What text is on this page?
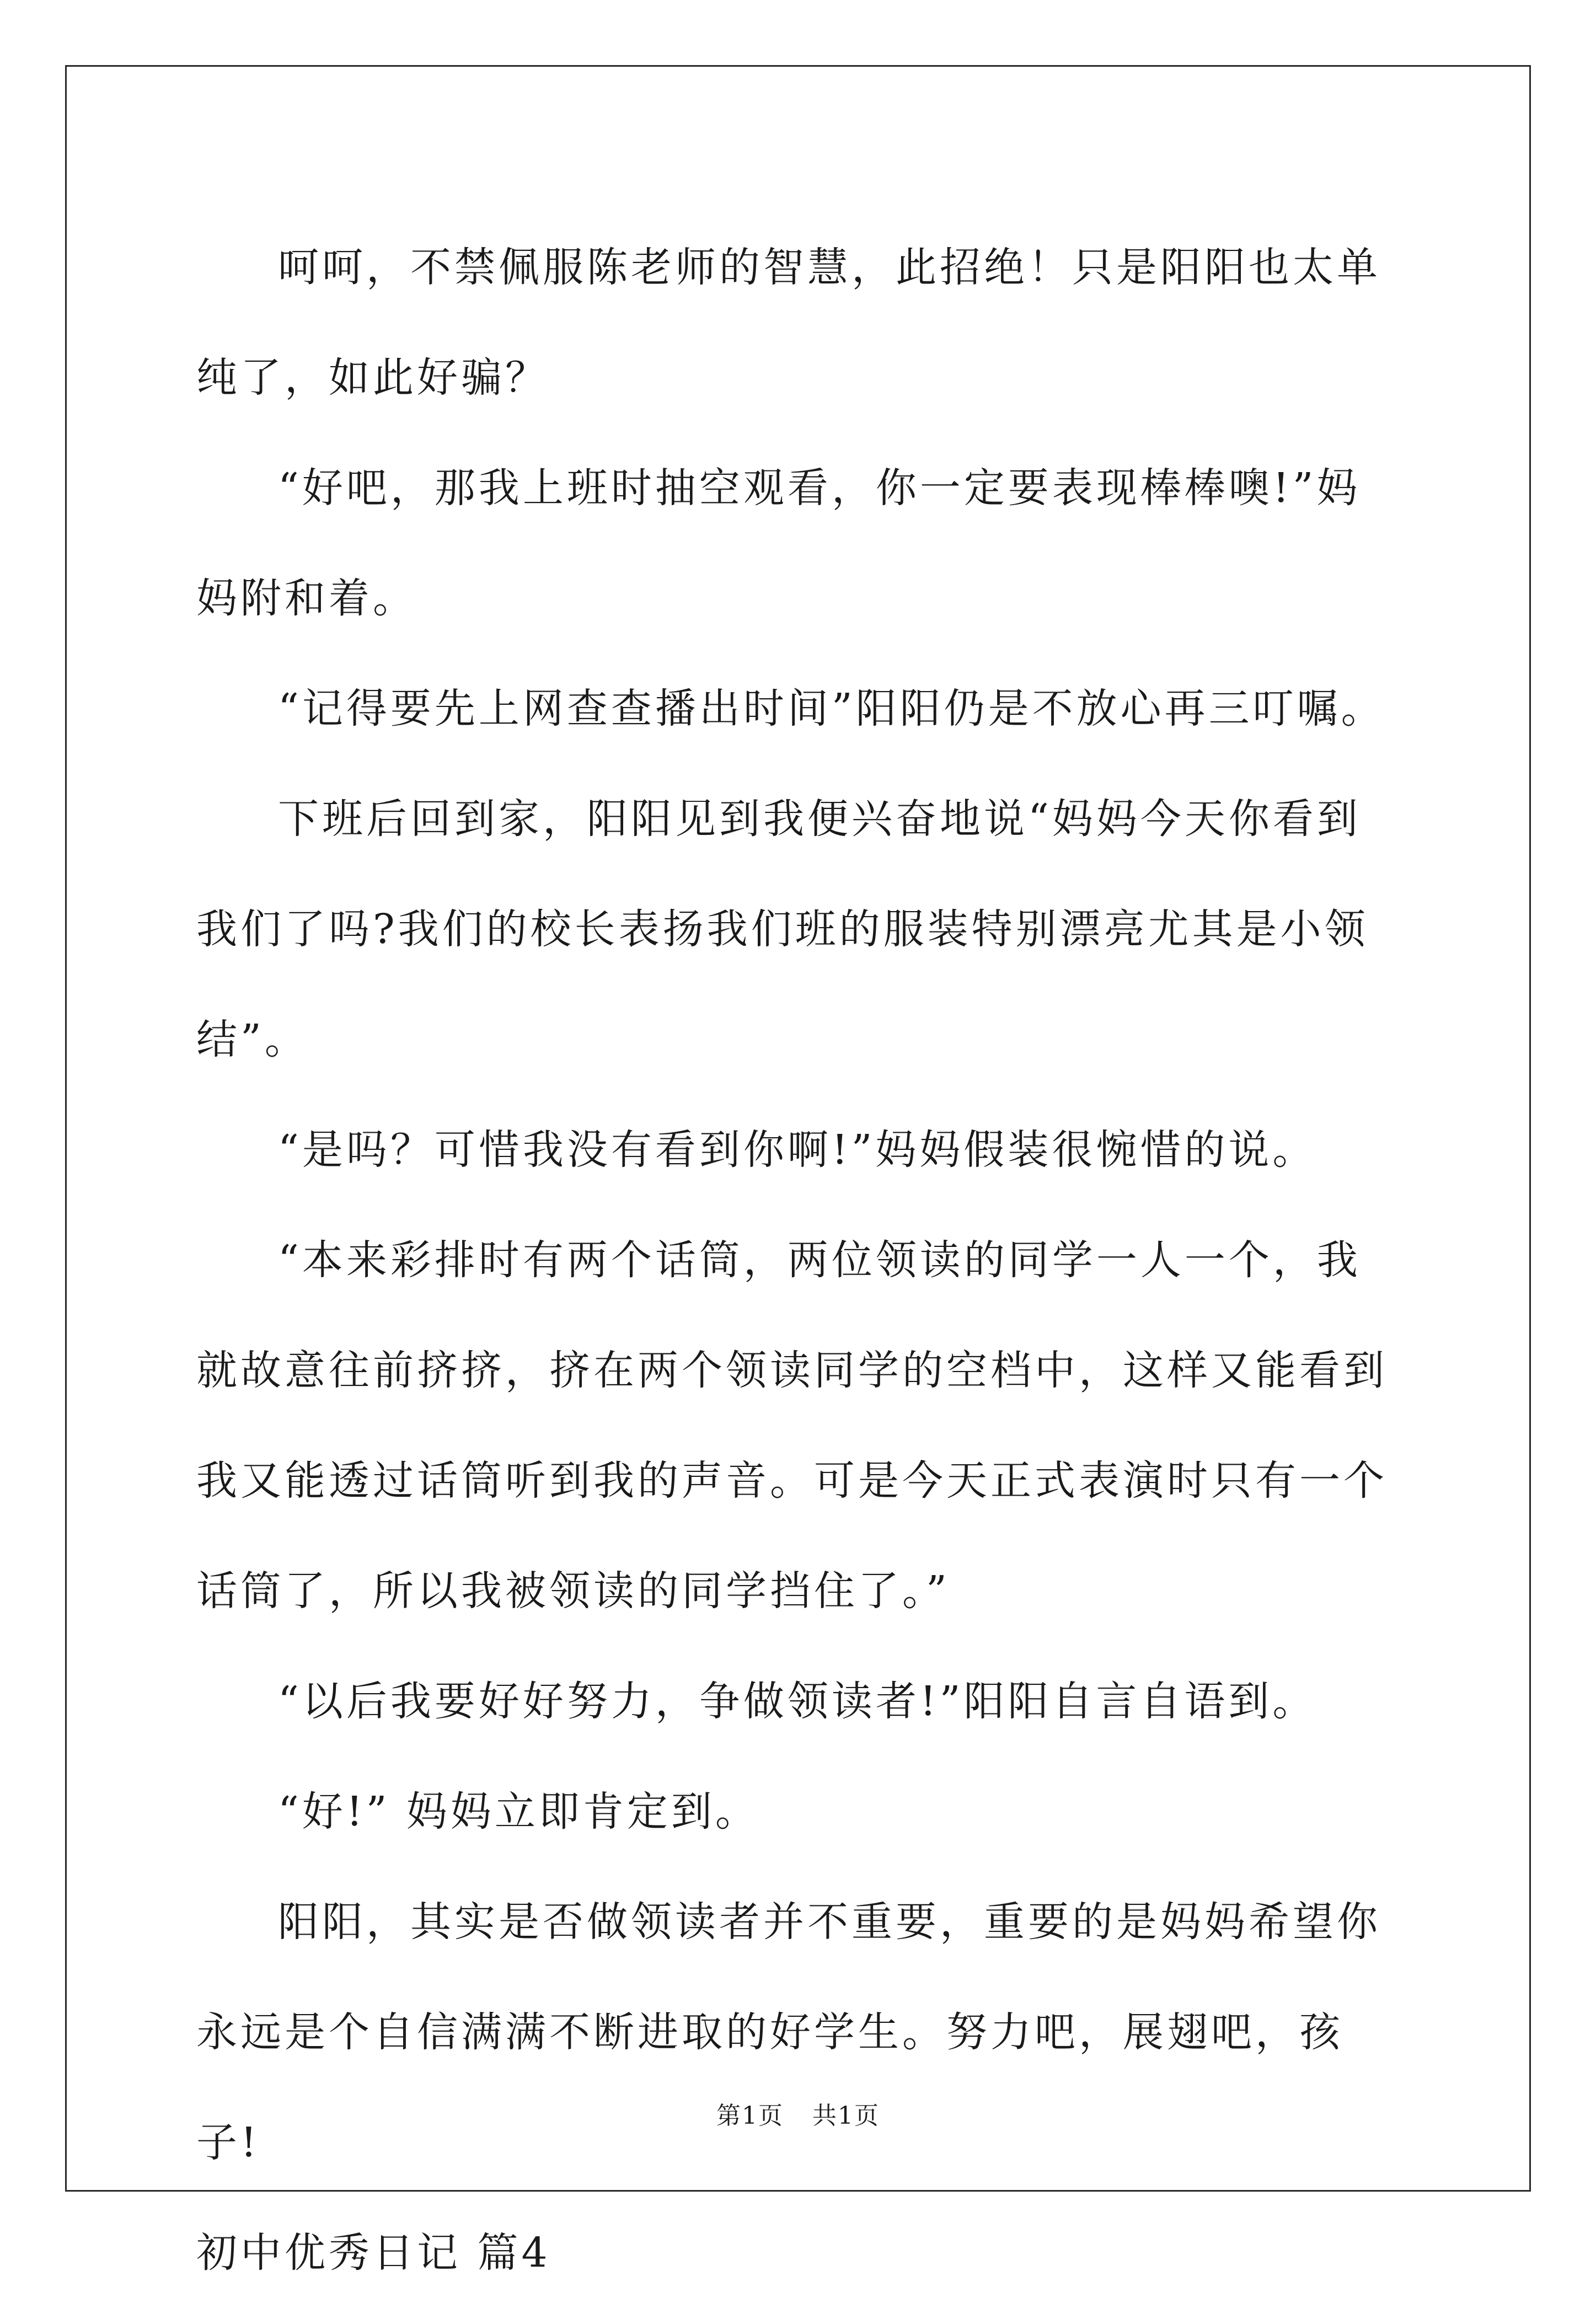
呵呵，不禁佩服陈老师的智慧，此招绝！只是阳阳也太单纯了，如此好骗？

“好吧，那我上班时抽空观看，你一定要表现棒棒噢!”妈妈附和着。

“记得要先上网查查播出时间”阳阳仍是不放心再三叮嘱。

下班后回到家，阳阳见到我便兴奋地说“妈妈今天你看到我们了吗?我们的校长表扬我们班的服装特别漂亮尤其是小领结”。

“是吗？可惜我没有看到你啊!”妈妈假装很惋惜的说。

“本来彩排时有两个话筒，两位领读的同学一人一个，我就故意往前挤挤，挤在两个领读同学的空档中，这样又能看到我又能透过话筒听到我的声音。可是今天正式表演时只有一个话筒了，所以我被领读的同学挡住了。”

“以后我要好好努力，争做领读者!”阳阳自言自语到。

“好!” 妈妈立即肯定到。

阳阳，其实是否做领读者并不重要，重要的是妈妈希望你永远是个自信满满不断进取的好学生。努力吧，展翅吧，孩子!

初中优秀日记 篇4

第1页 共1页
